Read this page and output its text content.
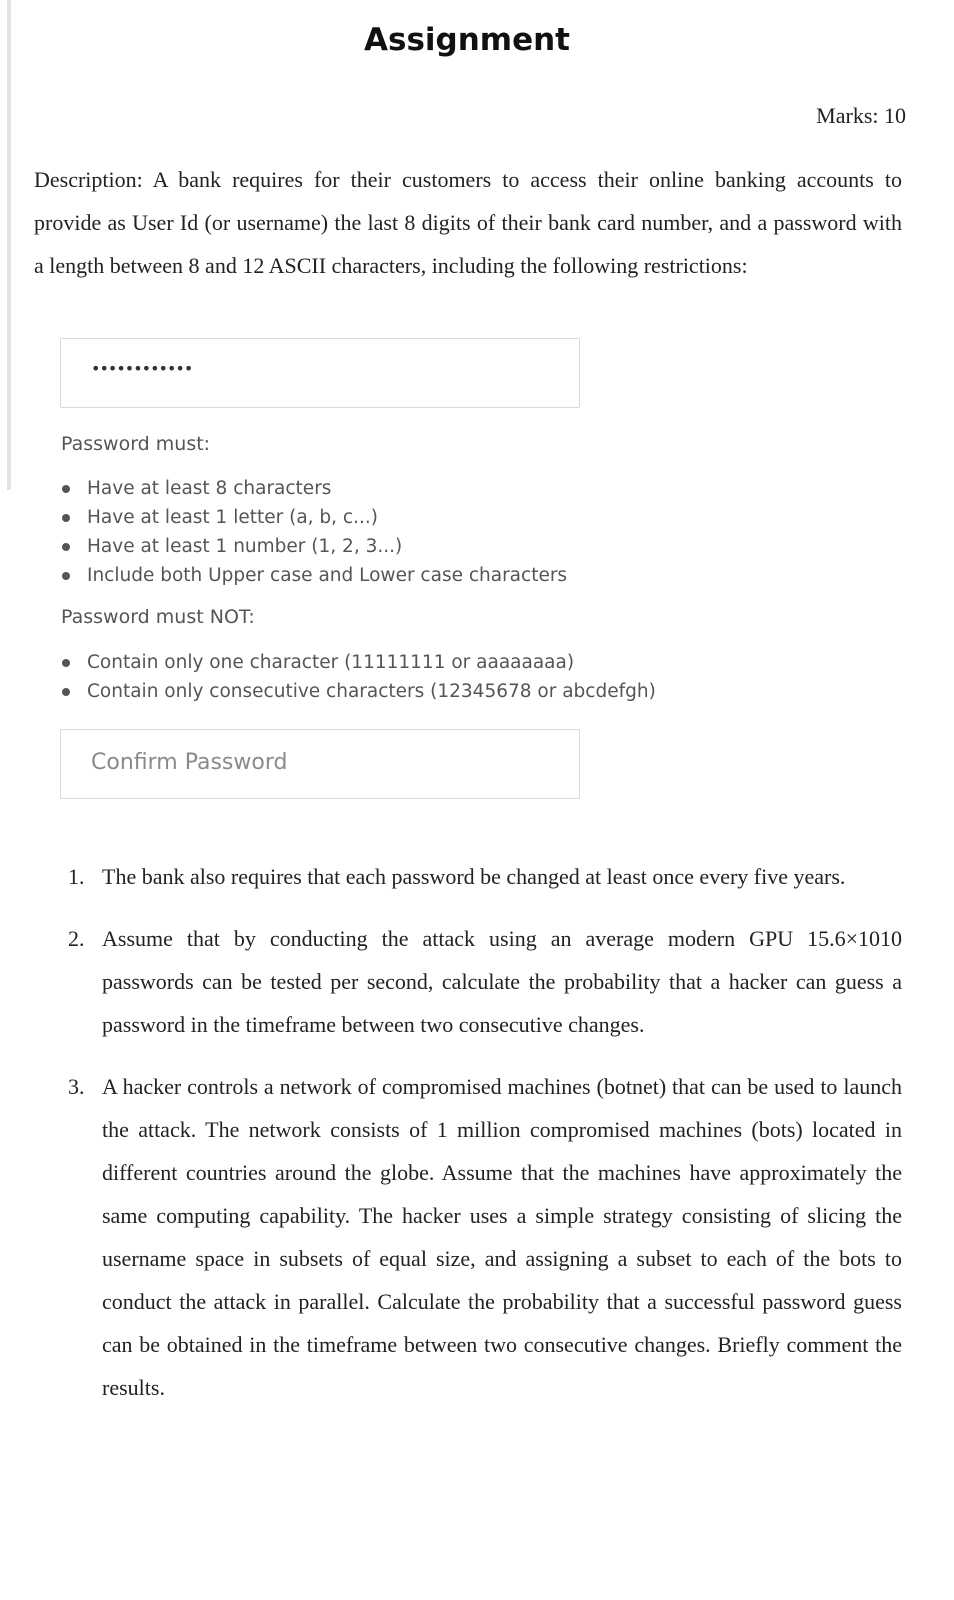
Assignment
Marks: 10

Description: A bank requires for their customers to access their online banking accounts to provide as User Id (or username) the last 8 digits of their bank card number, and a password with a length between 8 and 12 ASCII characters, including the following restrictions:

••••••••••••
Password must:
Have at least 8 characters
Have at least 1 letter (a, b, c...)
Have at least 1 number (1, 2, 3...)
Include both Upper case and Lower case characters
Password must NOT:
Contain only one character (11111111 or aaaaaaaa)
Contain only consecutive characters (12345678 or abcdefgh)
Confirm Password
1. The bank also requires that each password be changed at least once every five years.
2. Assume that by conducting the attack using an average modern GPU 15.6×1010 passwords can be tested per second, calculate the probability that a hacker can guess a password in the timeframe between two consecutive changes.
3. A hacker controls a network of compromised machines (botnet) that can be used to launch the attack. The network consists of 1 million compromised machines (bots) located in different countries around the globe. Assume that the machines have approximately the same computing capability. The hacker uses a simple strategy consisting of slicing the username space in subsets of equal size, and assigning a subset to each of the bots to conduct the attack in parallel. Calculate the probability that a successful password guess can be obtained in the timeframe between two consecutive changes. Briefly comment the results.
